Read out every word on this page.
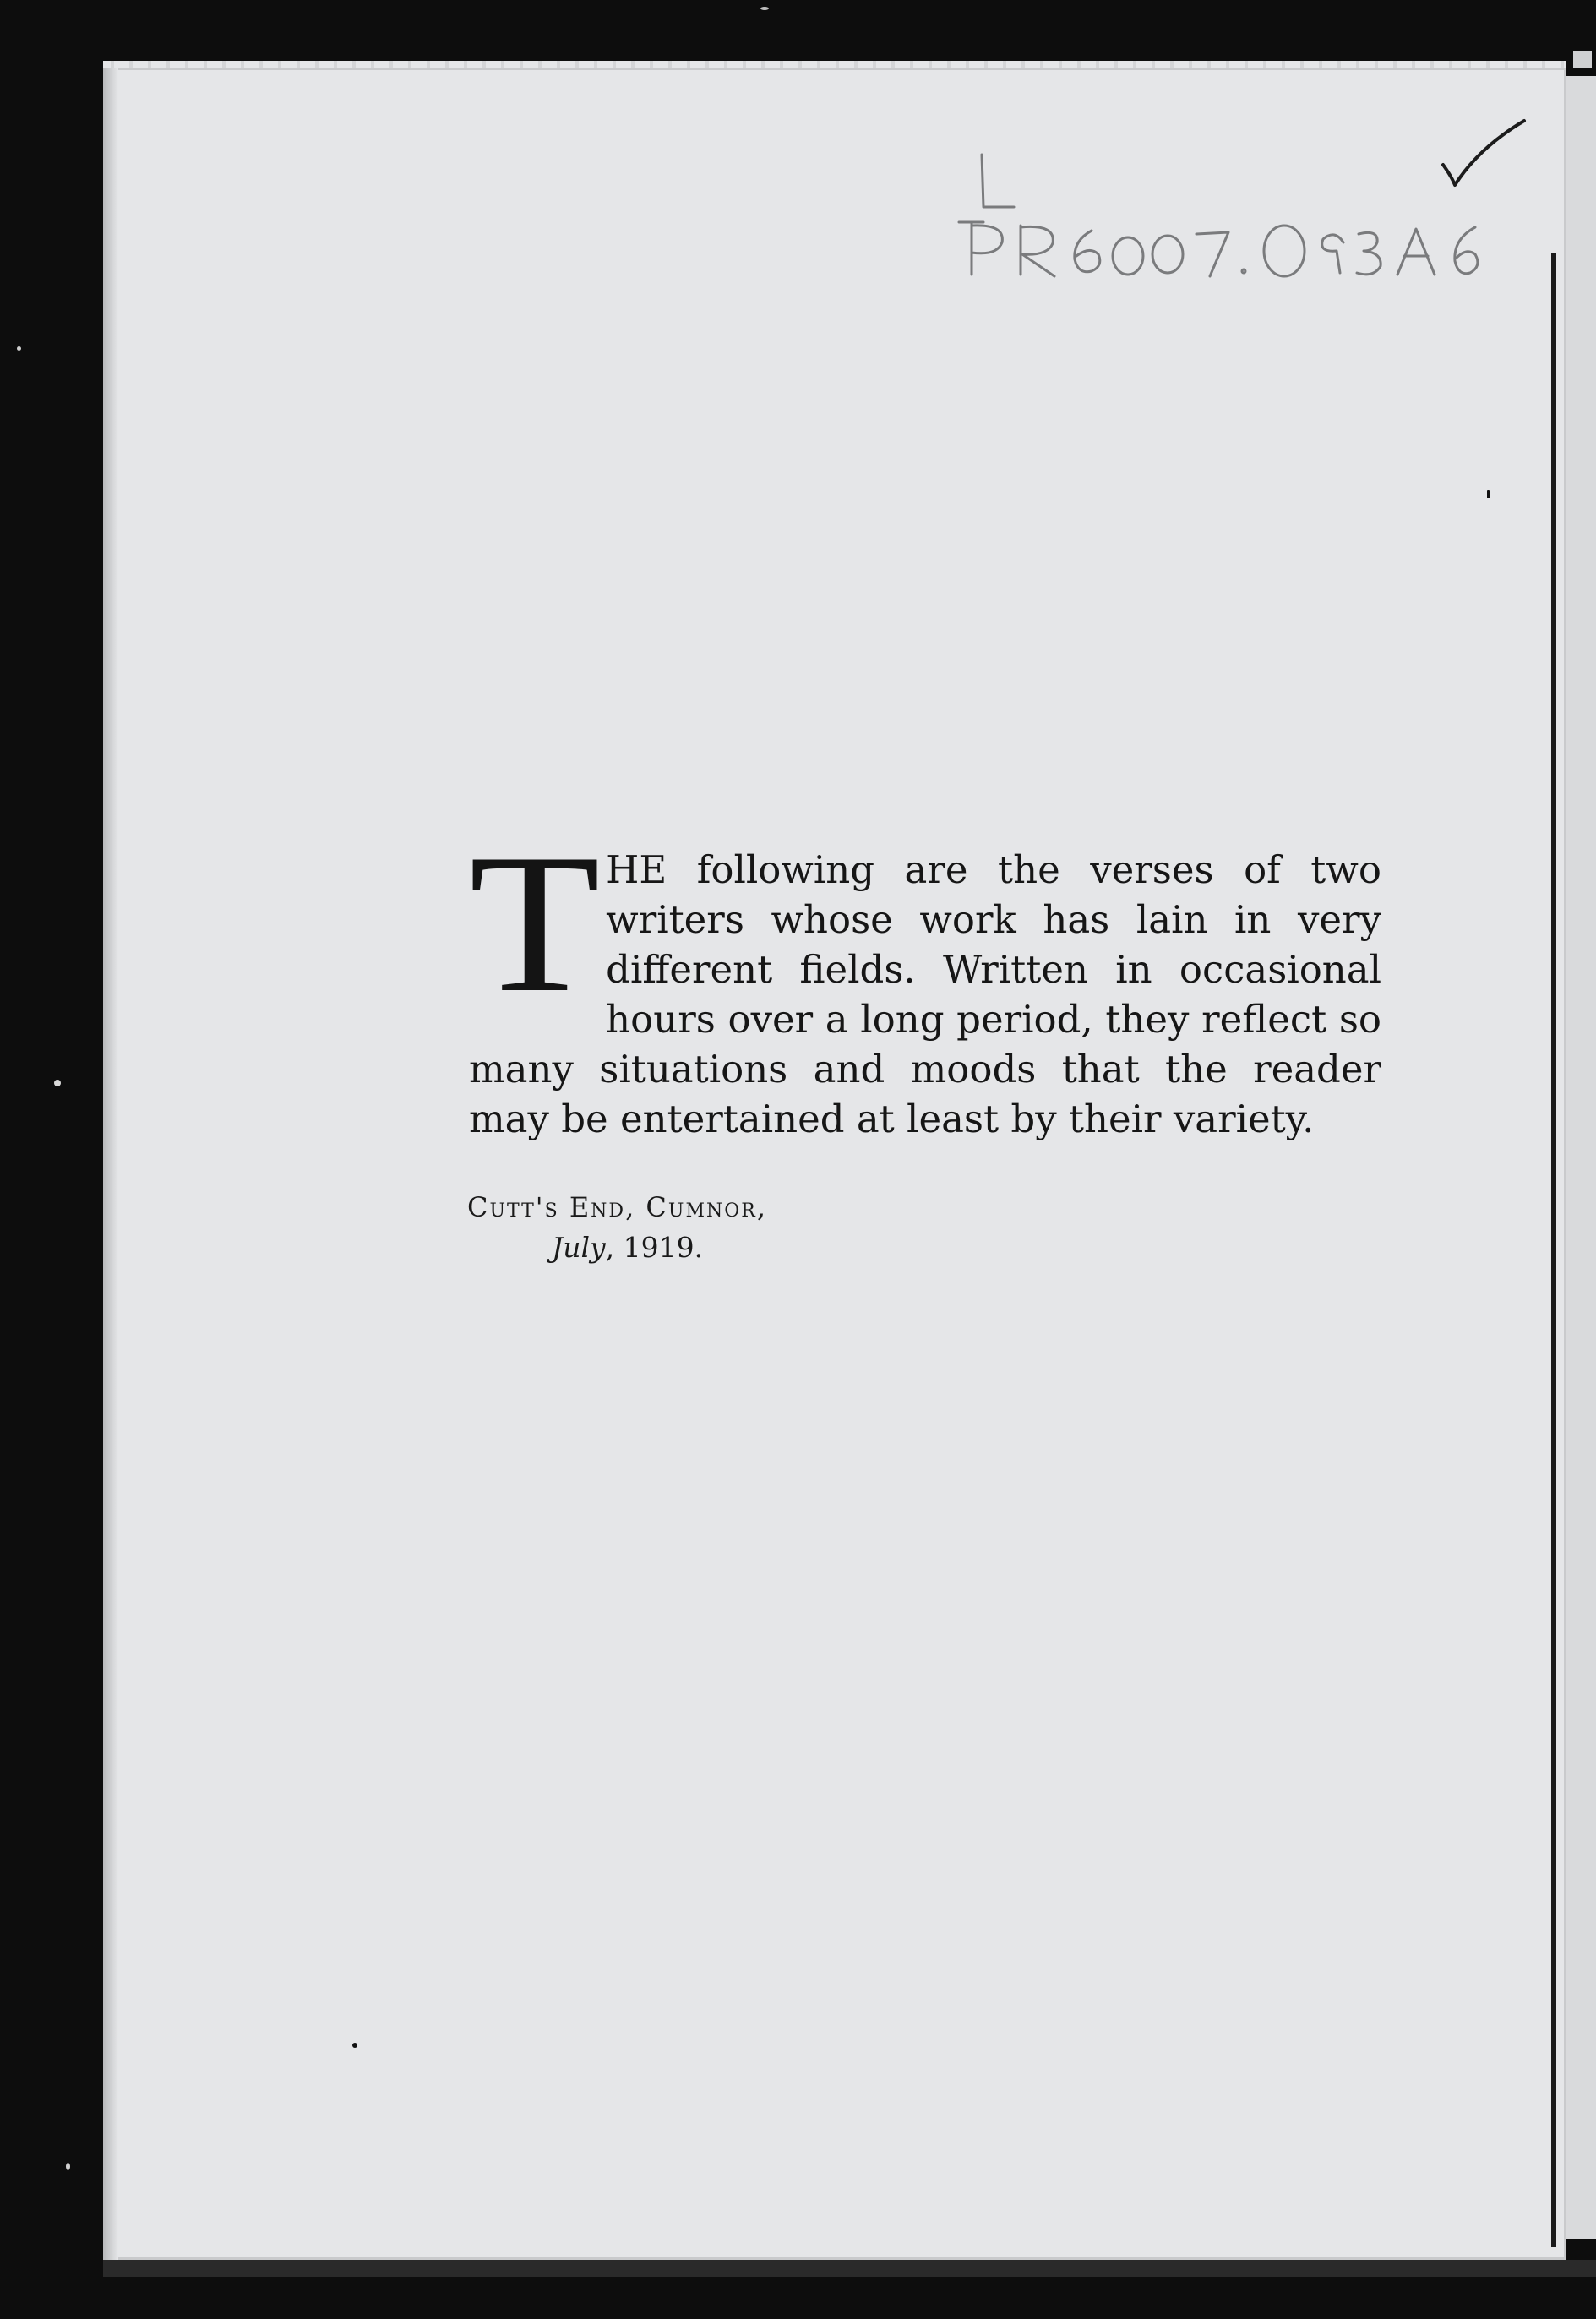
THE following are the verses of two writers whose work has lain in very different fields. Written in occasional hours over a long period, they reflect so many situations and moods that the reader may be entertained at least by their variety.
Cutt's End, Cumnor,
July, 1919.
